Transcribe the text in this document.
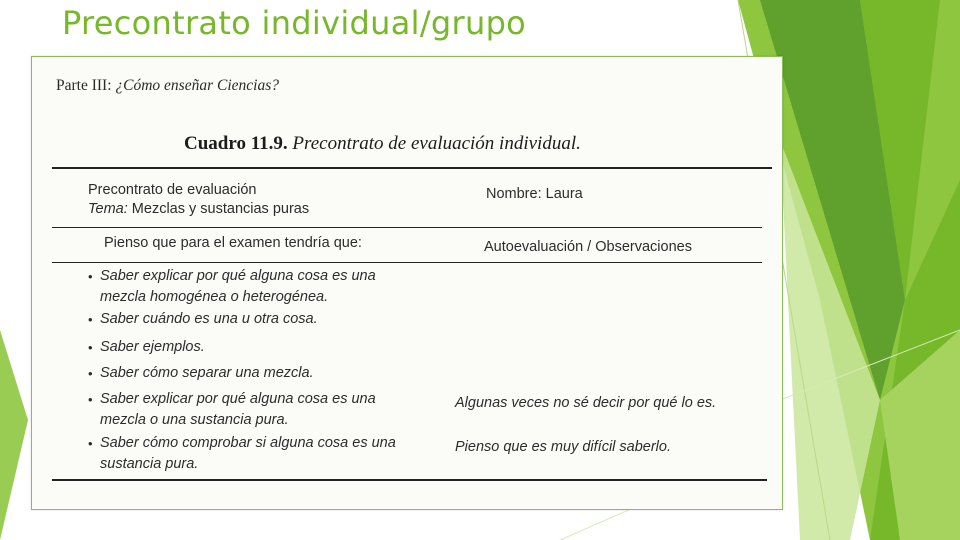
Precontrato individual/grupo
Parte III: ¿Cómo enseñar Ciencias?
Cuadro 11.9. Precontrato de evaluación individual.
Precontrato de evaluación
Tema: Mezclas y sustancias puras
Nombre: Laura
Pienso que para el examen tendría que:	Autoevaluación / Observaciones
• Saber explicar por qué alguna cosa es una
mezcla homogénea o heterogénea.
• Saber cuándo es una u otra cosa.
• Saber ejemplos.
• Saber cómo separar una mezcla.
• Saber explicar por qué alguna cosa es una
mezcla o una sustancia pura.
Algunas veces no sé decir por qué lo es.
• Saber cómo comprobar si alguna cosa es una
sustancia pura.
Pienso que es muy difícil saberlo.
